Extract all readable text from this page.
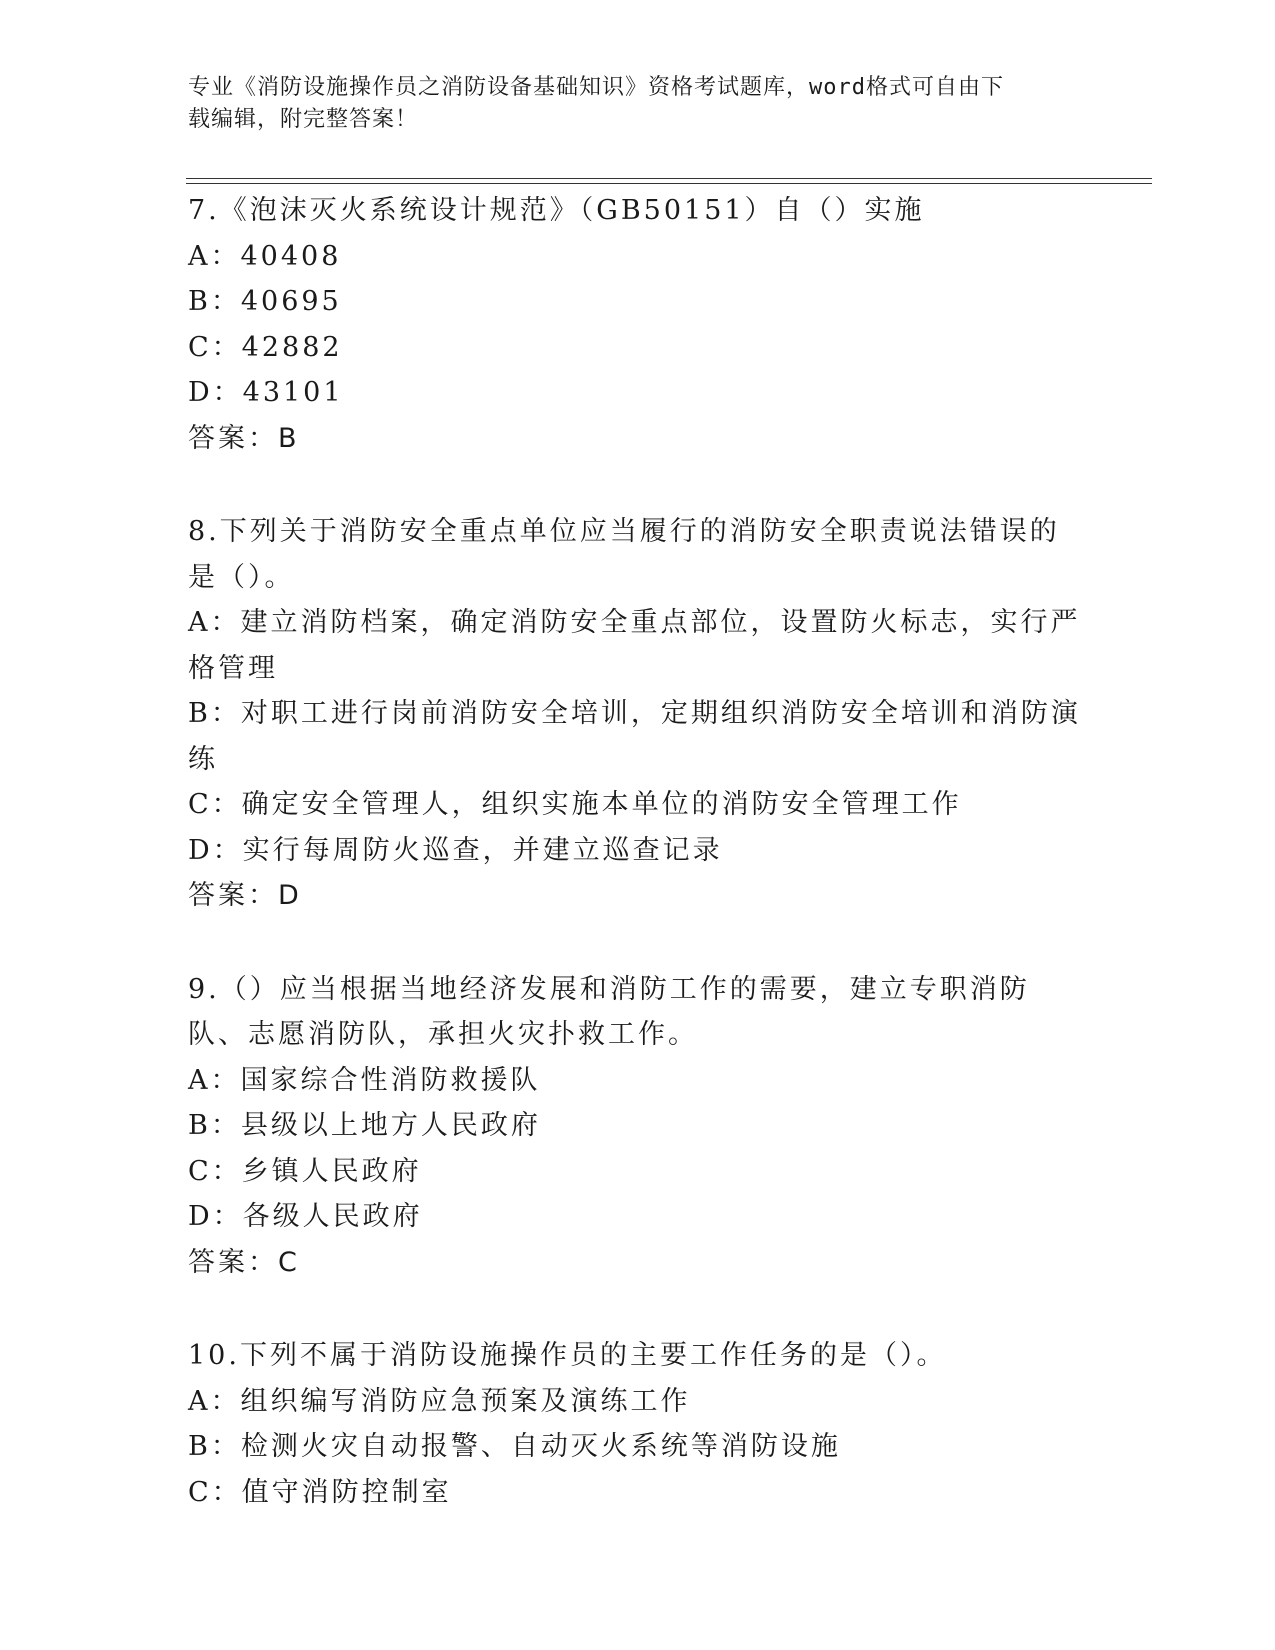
专业《消防设施操作员之消防设备基础知识》资格考试题库，word格式可自由下
载编辑，附完整答案！
7.《泡沫灭火系统设计规范》（GB50151）自（）实施
A：40408
B：40695
C：42882
D：43101
答案：B
8.下列关于消防安全重点单位应当履行的消防安全职责说法错误的是（）。
A：建立消防档案，确定消防安全重点部位，设置防火标志，实行严格管理
B：对职工进行岗前消防安全培训，定期组织消防安全培训和消防演练
C：确定安全管理人，组织实施本单位的消防安全管理工作
D：实行每周防火巡查，并建立巡查记录
答案：D
9.（）应当根据当地经济发展和消防工作的需要，建立专职消防队、志愿消防队，承担火灾扑救工作。
A：国家综合性消防救援队
B：县级以上地方人民政府
C：乡镇人民政府
D：各级人民政府
答案：C
10.下列不属于消防设施操作员的主要工作任务的是（）。
A：组织编写消防应急预案及演练工作
B：检测火灾自动报警、自动灭火系统等消防设施
C：值守消防控制室
